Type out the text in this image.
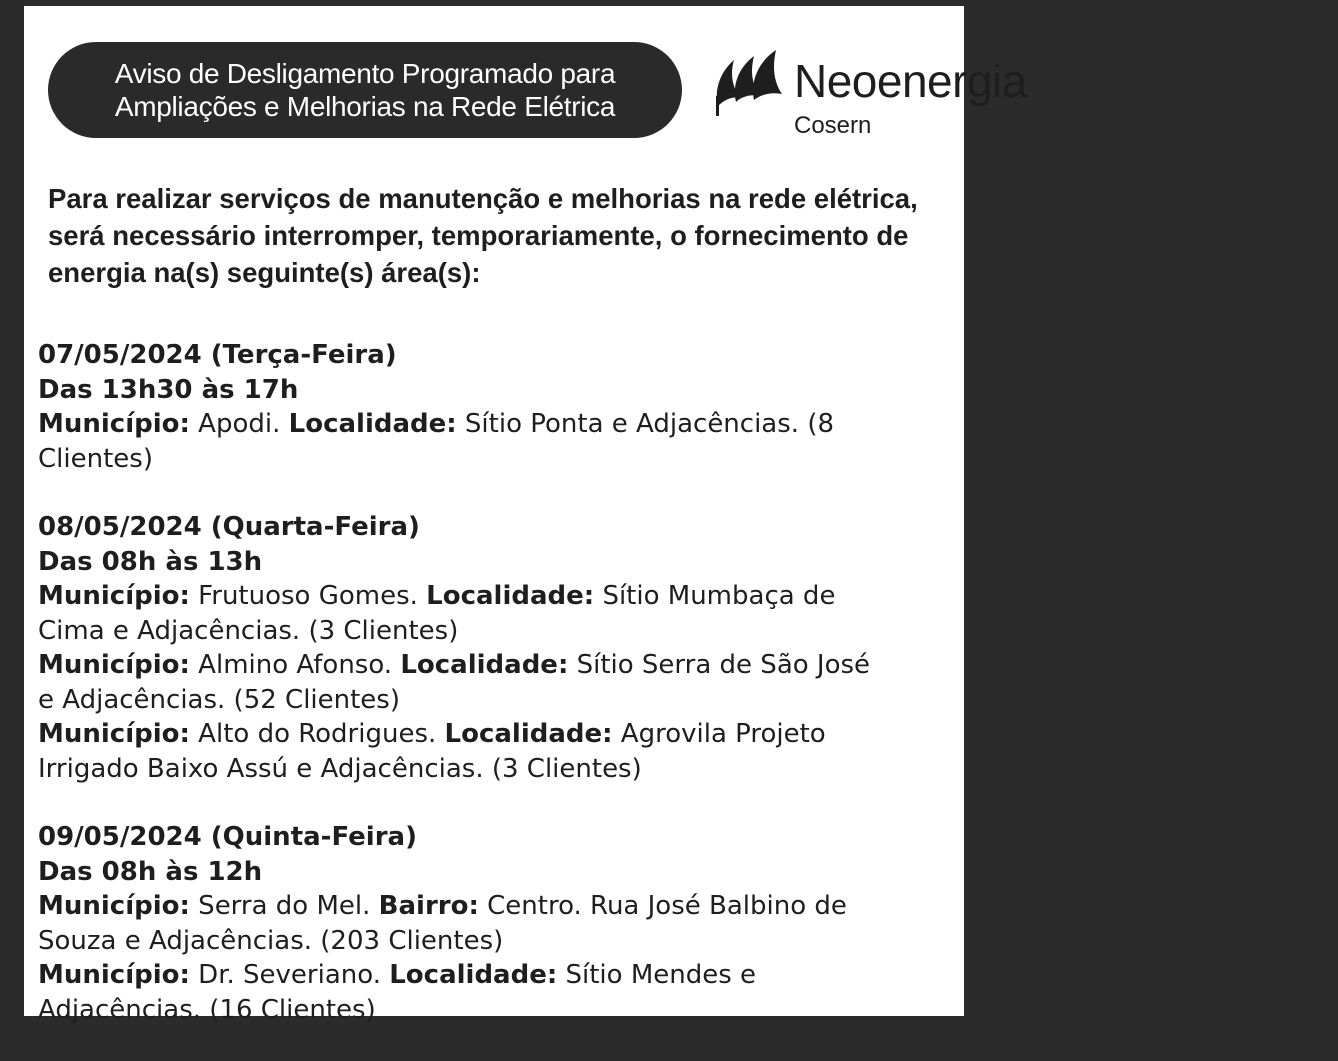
Aviso de Desligamento Programado para
Ampliações e Melhorias na Rede Elétrica	Neoenergia
Cosern
Para realizar serviços de manutenção e melhorias na rede elétrica,
será necessário interromper, temporariamente, o fornecimento de
energia na(s) seguinte(s) área(s):
07/05/2024 (Terça-Feira)
Das 13h30 às 17h
Município: Apodi. Localidade: Sítio Ponta e Adjacências. (8
Clientes)
08/05/2024 (Quarta-Feira)
Das 08h às 13h
Município: Frutuoso Gomes. Localidade: Sítio Mumbaça de
Cima e Adjacências. (3 Clientes)
Município: Almino Afonso. Localidade: Sítio Serra de São José
e Adjacências. (52 Clientes)
Município: Alto do Rodrigues. Localidade: Agrovila Projeto
Irrigado Baixo Assú e Adjacências. (3 Clientes)
09/05/2024 (Quinta-Feira)
Das 08h às 12h
Município: Serra do Mel. Bairro: Centro. Rua José Balbino de
Souza e Adjacências. (203 Clientes)
Município: Dr. Severiano. Localidade: Sítio Mendes e
Adjacências. (16 Clientes)
